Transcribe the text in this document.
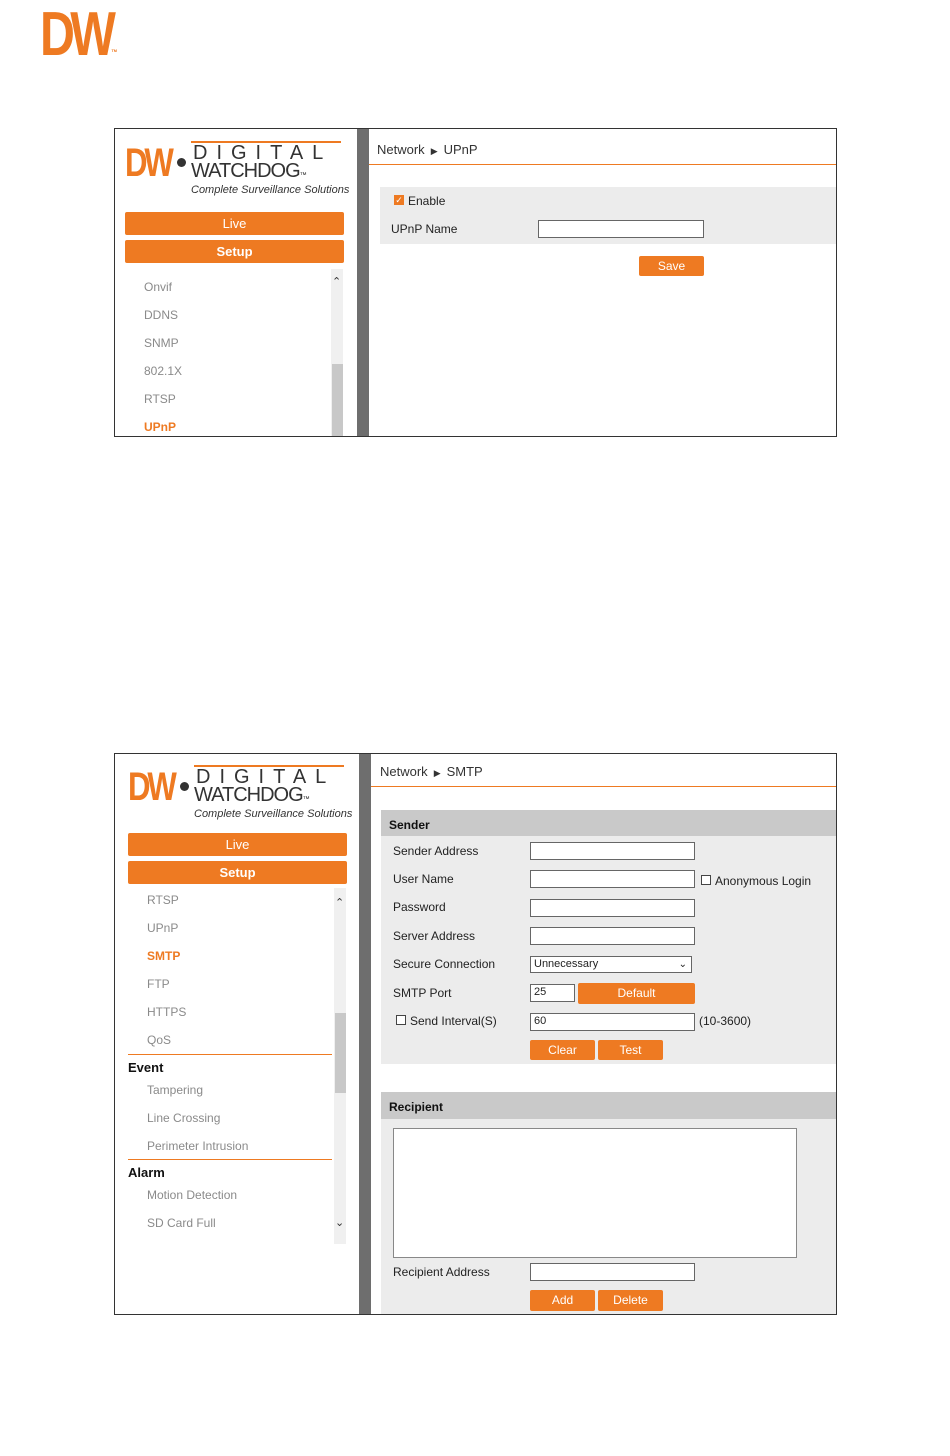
DW™
DW DIGITAL
WATCHDOG™
Complete Surveillance Solutions
Live
Setup
Onvif
DDNS
SNMP
802.1X
RTSP
UPnP
⌃
Network ▶ UPnP
✓ Enable
UPnP Name
Save
DW DIGITAL
WATCHDOG™
Complete Surveillance Solutions
Live
Setup
RTSP
UPnP
SMTP
FTP
HTTPS
QoS
Event
Tampering
Line Crossing
Perimeter Intrusion
Alarm
Motion Detection
SD Card Full
⌃
⌄
Network ▶ SMTP
Sender
Sender Address
User Name	Anonymous Login
Password
Server Address
Secure Connection	Unnecessary	⌄
SMTP Port	25	Default
Send Interval(S)	60	(10-3600)
Clear	Test
Recipient
Recipient Address
Add	Delete
